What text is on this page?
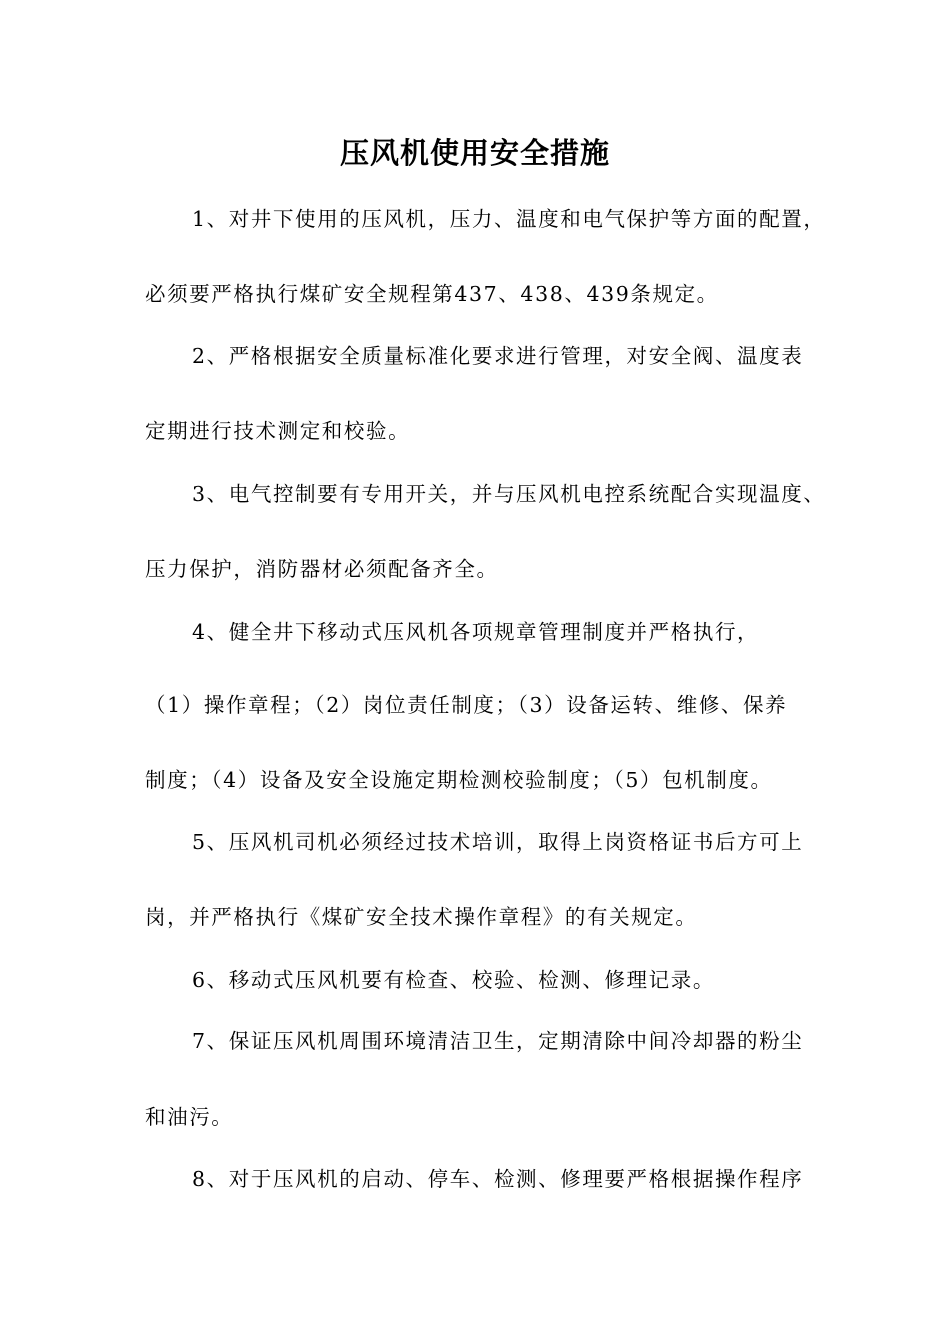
压风机使用安全措施
1、对井下使用的压风机，压力、温度和电气保护等方面的配置，
必须要严格执行煤矿安全规程第437、438、439条规定。
2、严格根据安全质量标准化要求进行管理，对安全阀、温度表
定期进行技术测定和校验。
3、电气控制要有专用开关，并与压风机电控系统配合实现温度、
压力保护，消防器材必须配备齐全。
4、健全井下移动式压风机各项规章管理制度并严格执行，
（1）操作章程；（2）岗位责任制度；（3）设备运转、维修、保养
制度；（4）设备及安全设施定期检测校验制度；（5）包机制度。
5、压风机司机必须经过技术培训，取得上岗资格证书后方可上
岗，并严格执行《煤矿安全技术操作章程》的有关规定。
6、移动式压风机要有检查、校验、检测、修理记录。
7、保证压风机周围环境清洁卫生，定期清除中间冷却器的粉尘
和油污。
8、对于压风机的启动、停车、检测、修理要严格根据操作程序
